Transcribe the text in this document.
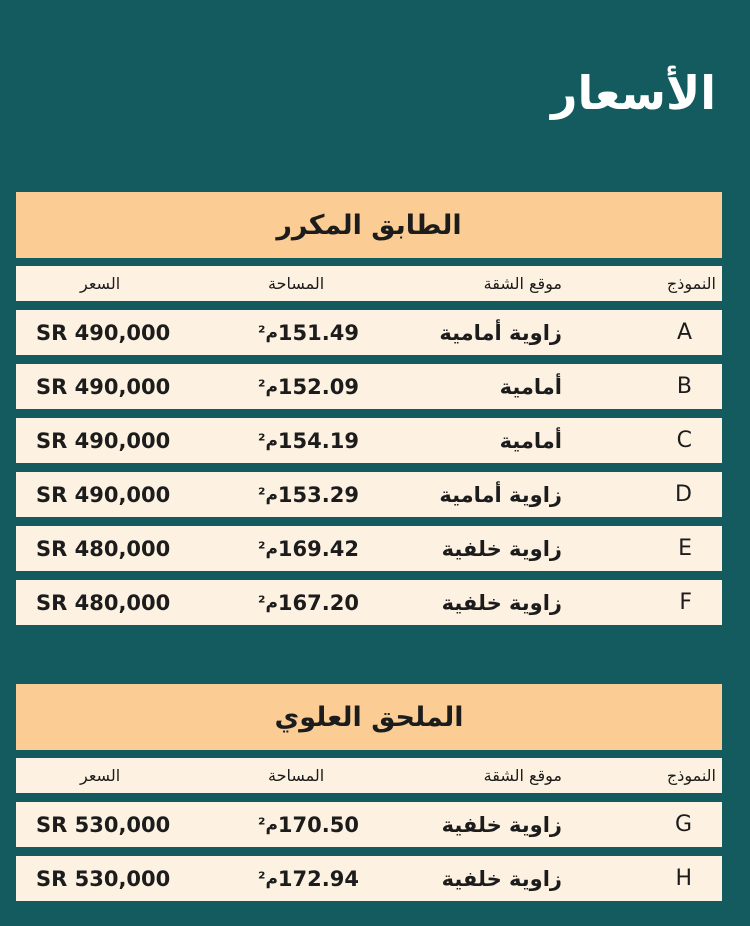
الأسعار
الطابق المكرر
السعر	المساحة	موقع الشقة	النموذج
SR 490,000	م² 151.49	زاوية أمامية	A
SR 490,000	م² 152.09	أمامية	B
SR 490,000	م² 154.19	أمامية	C
SR 490,000	م² 153.29	زاوية أمامية	D
SR 480,000	م² 169.42	زاوية خلفية	E
SR 480,000	م² 167.20	زاوية خلفية	F
الملحق العلوي
السعر	المساحة	موقع الشقة	النموذج
SR 530,000	م² 170.50	زاوية خلفية	G
SR 530,000	م² 172.94	زاوية خلفية	H
